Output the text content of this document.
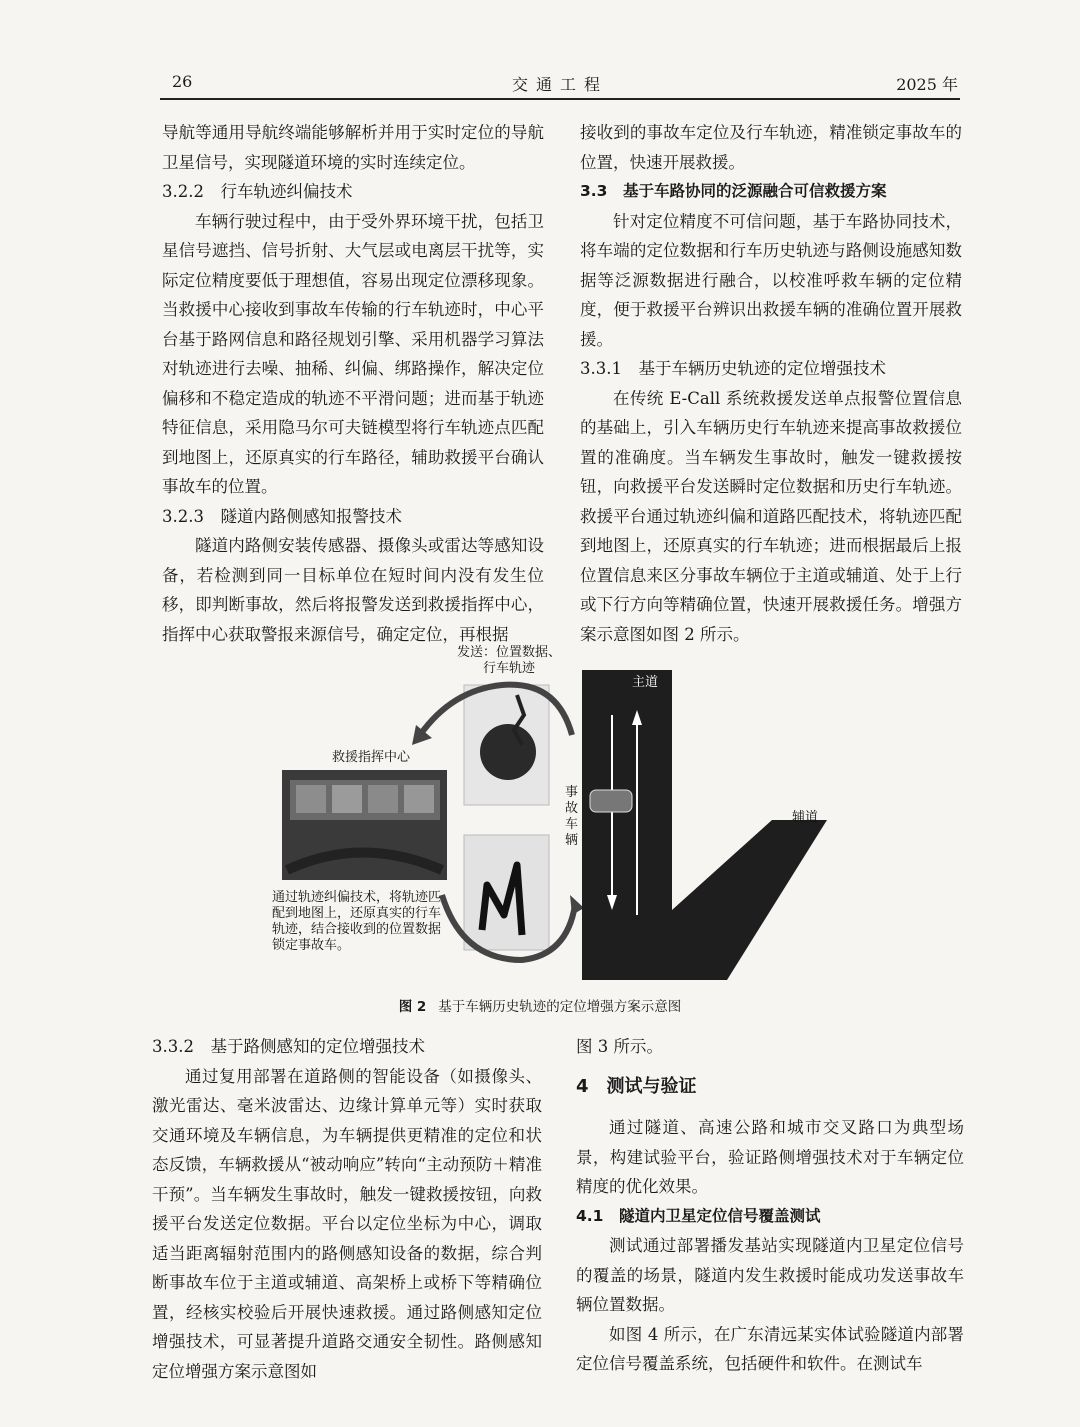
26	交通工程	2025 年

导航等通用导航终端能够解析并用于实时定位的导航卫星信号，实现隧道环境的实时连续定位。

3.2.2　行车轨迹纠偏技术

车辆行驶过程中，由于受外界环境干扰，包括卫星信号遮挡、信号折射、大气层或电离层干扰等，实际定位精度要低于理想值，容易出现定位漂移现象。当救援中心接收到事故车传输的行车轨迹时，中心平台基于路网信息和路径规划引擎、采用机器学习算法对轨迹进行去噪、抽稀、纠偏、绑路操作，解决定位偏移和不稳定造成的轨迹不平滑问题；进而基于轨迹特征信息，采用隐马尔可夫链模型将行车轨迹点匹配到地图上，还原真实的行车路径，辅助救援平台确认事故车的位置。

3.2.3　隧道内路侧感知报警技术

隧道内路侧安装传感器、摄像头或雷达等感知设备，若检测到同一目标单位在短时间内没有发生位移，即判断事故，然后将报警发送到救援指挥中心，指挥中心获取警报来源信号，确定定位，再根据

接收到的事故车定位及行车轨迹，精准锁定事故车的位置，快速开展救援。

3.3　基于车路协同的泛源融合可信救援方案

针对定位精度不可信问题，基于车路协同技术，将车端的定位数据和行车历史轨迹与路侧设施感知数据等泛源数据进行融合，以校准呼救车辆的定位精度，便于救援平台辨识出救援车辆的准确位置开展救援。

3.3.1　基于车辆历史轨迹的定位增强技术

在传统 E-Call 系统救援发送单点报警位置信息的基础上，引入车辆历史行车轨迹来提高事故救援位置的准确度。当车辆发生事故时，触发一键救援按钮，向救援平台发送瞬时定位数据和历史行车轨迹。救援平台通过轨迹纠偏和道路匹配技术，将轨迹匹配到地图上，还原真实的行车轨迹；进而根据最后上报位置信息来区分事故车辆位于主道或辅道、处于上行或下行方向等精确位置，快速开展救援任务。增强方案示意图如图 2 所示。

发送：位置数据、行车轨迹
救援指挥中心
通过轨迹纠偏技术，将轨迹匹配到地图上，还原真实的行车轨迹，结合接收到的位置数据锁定事故车。
事故车辆
主道
辅道
图 2 基于车辆历史轨迹的定位增强方案示意图
3.3.2　基于路侧感知的定位增强技术

通过复用部署在道路侧的智能设备（如摄像头、激光雷达、毫米波雷达、边缘计算单元等）实时获取交通环境及车辆信息，为车辆提供更精准的定位和状态反馈，车辆救援从“被动响应”转向“主动预防＋精准干预”。当车辆发生事故时，触发一键救援按钮，向救援平台发送定位数据。平台以定位坐标为中心，调取适当距离辐射范围内的路侧感知设备的数据，综合判断事故车位于主道或辅道、高架桥上或桥下等精确位置，经核实校验后开展快速救援。通过路侧感知定位增强技术，可显著提升道路交通安全韧性。路侧感知定位增强方案示意图如

图 3 所示。

4　测试与验证

通过隧道、高速公路和城市交叉路口为典型场景，构建试验平台，验证路侧增强技术对于车辆定位精度的优化效果。

4.1　隧道内卫星定位信号覆盖测试

测试通过部署播发基站实现隧道内卫星定位信号的覆盖的场景，隧道内发生救援时能成功发送事故车辆位置数据。

如图 4 所示，在广东清远某实体试验隧道内部署定位信号覆盖系统，包括硬件和软件。在测试车
